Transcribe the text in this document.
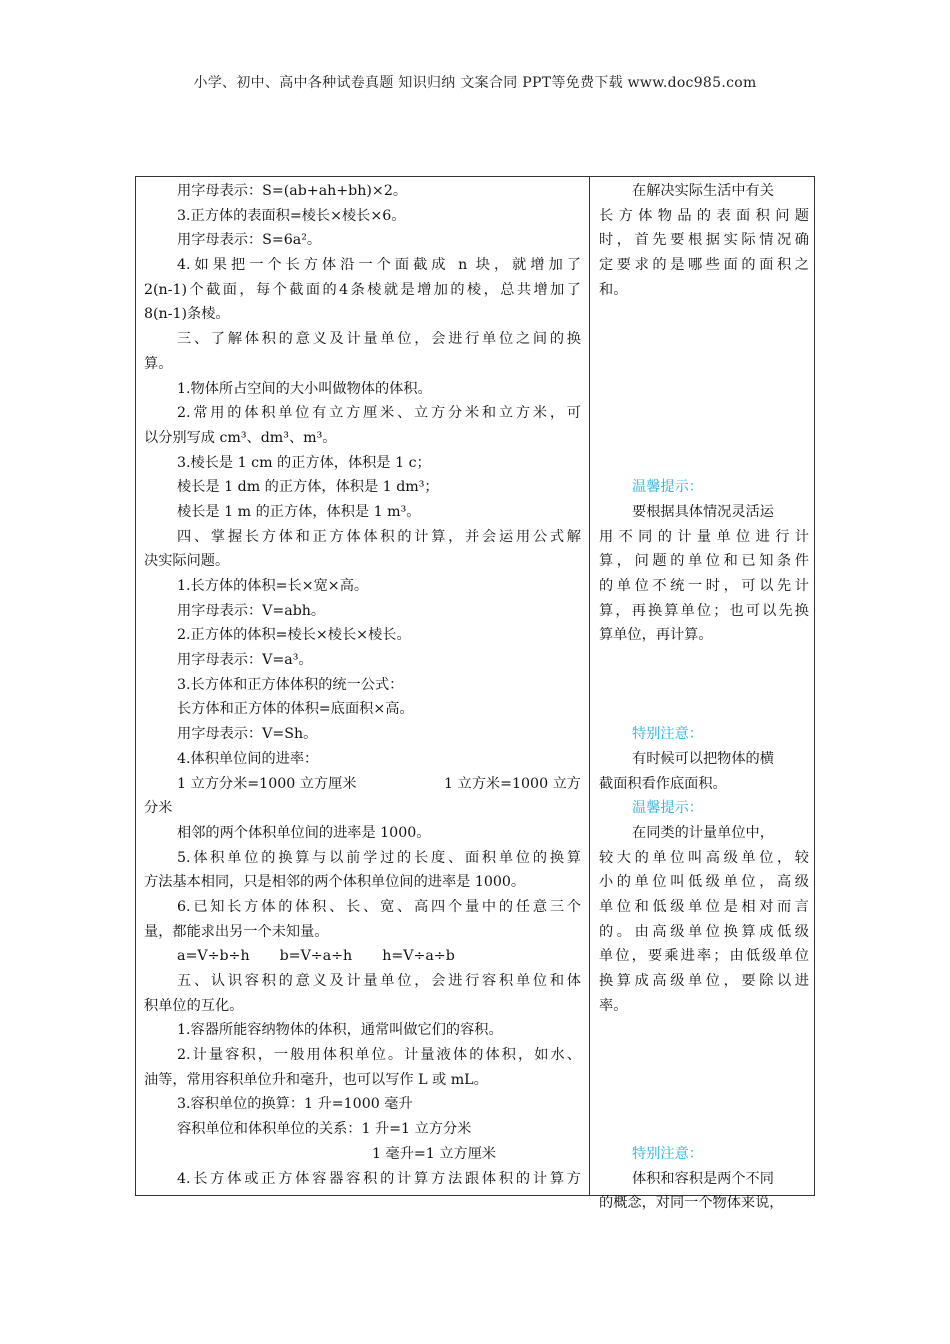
小学、初中、高中各种试卷真题 知识归纳 文案合同 PPT等免费下载 www.doc985.com
用字母表示：S=(ab+ah+bh)×2。
3.正方体的表面积=棱长×棱长×6。
用字母表示：S=6a²。
4.如果把一个长方体沿一个面截成 n 块，就增加了
2(n-1)个截面，每个截面的4条棱就是增加的棱，总共增加了
8(n-1)条棱。
三、了解体积的意义及计量单位，会进行单位之间的换
算。
1.物体所占空间的大小叫做物体的体积。
2.常用的体积单位有立方厘米、立方分米和立方米，可
以分别写成 cm³、dm³、m³。
3.棱长是 1 cm 的正方体，体积是 1 c；
棱长是 1 dm 的正方体，体积是 1 dm³；
棱长是 1 m 的正方体，体积是 1 m³。
四、掌握长方体和正方体体积的计算，并会运用公式解
决实际问题。
1.长方体的体积=长×宽×高。
用字母表示：V=abh。
2.正方体的体积=棱长×棱长×棱长。
用字母表示：V=a³。
3.长方体和正方体体积的统一公式：
长方体和正方体的体积=底面积×高。
用字母表示：V=Sh。
4.体积单位间的进率：
1 立方分米=1000 立方厘米	1 立方米=1000 立方
分米
相邻的两个体积单位间的进率是 1000。
5.体积单位的换算与以前学过的长度、面积单位的换算
方法基本相同，只是相邻的两个体积单位间的进率是 1000。
6.已知长方体的体积、长、宽、高四个量中的任意三个
量，都能求出另一个未知量。
a=V÷b÷h b=V÷a÷h h=V÷a÷b
五、认识容积的意义及计量单位，会进行容积单位和体
积单位的互化。
1.容器所能容纳物体的体积，通常叫做它们的容积。
2.计量容积，一般用体积单位。计量液体的体积，如水、
油等，常用容积单位升和毫升，也可以写作 L 或 mL。
3.容积单位的换算：1 升=1000 毫升
容积单位和体积单位的关系：1 升=1 立方分米
1 毫升=1 立方厘米
4.长方体或正方体容器容积的计算方法跟体积的计算方
在解决实际生活中有关
长方体物品的表面积问题
时，首先要根据实际情况确
定要求的是哪些面的面积之
和。
温馨提示：
要根据具体情况灵活运
用不同的计量单位进行计
算，问题的单位和已知条件
的单位不统一时，可以先计
算，再换算单位；也可以先换
算单位，再计算。
特别注意：
有时候可以把物体的横
截面积看作底面积。
温馨提示：
在同类的计量单位中，
较大的单位叫高级单位，较
小的单位叫低级单位，高级
单位和低级单位是相对而言
的。由高级单位换算成低级
单位，要乘进率；由低级单位
换算成高级单位，要除以进
率。
特别注意：
体积和容积是两个不同
的概念，对同一个物体来说，
